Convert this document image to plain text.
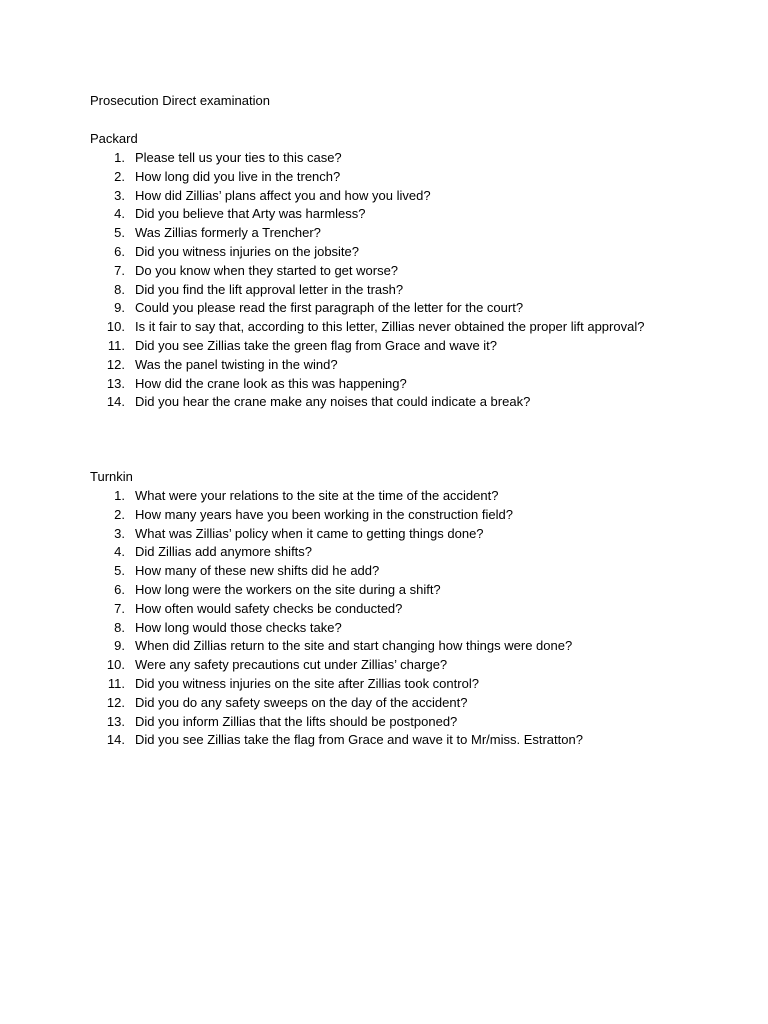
Prosecution Direct examination
Packard
1. Please tell us your ties to this case?
2. How long did you live in the trench?
3. How did Zillias’ plans affect you and how you lived?
4. Did you believe that Arty was harmless?
5. Was Zillias formerly a Trencher?
6. Did you witness injuries on the jobsite?
7. Do you know when they started to get worse?
8. Did you find the lift approval letter in the trash?
9. Could you please read the first paragraph of the letter for the court?
10. Is it fair to say that, according to this letter, Zillias never obtained the proper lift approval?
11. Did you see Zillias take the green flag from Grace and wave it?
12. Was the panel twisting in the wind?
13. How did the crane look as this was happening?
14. Did you hear the crane make any noises that could indicate a break?
Turnkin
1. What were your relations to the site at the time of the accident?
2. How many years have you been working in the construction field?
3. What was Zillias’ policy when it came to getting things done?
4. Did Zillias add anymore shifts?
5. How many of these new shifts did he add?
6. How long were the workers on the site during a shift?
7. How often would safety checks be conducted?
8. How long would those checks take?
9. When did Zillias return to the site and start changing how things were done?
10. Were any safety precautions cut under Zillias’ charge?
11. Did you witness injuries on the site after Zillias took control?
12. Did you do any safety sweeps on the day of the accident?
13. Did you inform Zillias that the lifts should be postponed?
14. Did you see Zillias take the flag from Grace and wave it to Mr/miss. Estratton?
